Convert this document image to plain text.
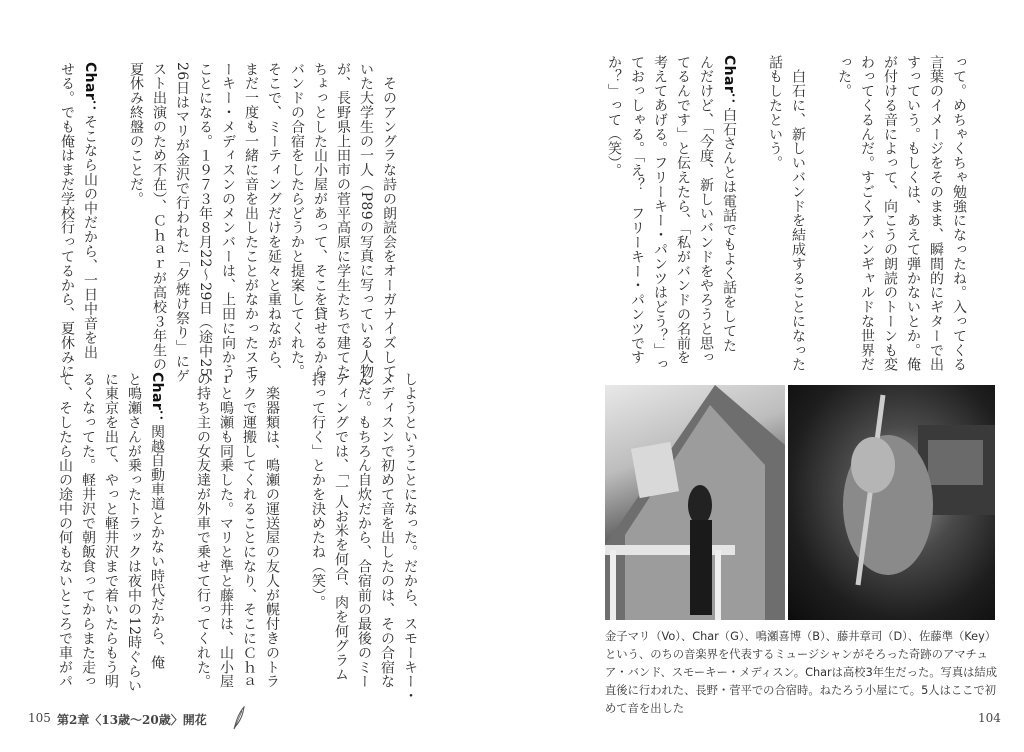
って。めちゃくちゃ勉強になったね。入ってくる
言葉のイメージをそのまま、瞬間的にギターで出
すっていう。もしくは、あえて弾かないとか。俺
が付ける音によって、向こうの朗読のトーンも変
わってくるんだ。すごくアバンギャルドな世界だ
った。

　白石に、新しいバンドを結成することになった
話もしたという。

Char：白石さんとは電話でもよく話をしてた
んだけど、「今度、新しいバンドをやろうと思っ
てるんです」と伝えたら、「私がバンドの名前を
考えてあげる。フリーキー・パンツはどう？」っ
ておっしゃる。「え？　フリーキー・パンツです
か？」って（笑）。
　そのアングラな詩の朗読会をオーガナイズして
いた大学生の一人（P89の写真に写っている人物）
が、長野県上田市の菅平高原に学生たちで建てた
ちょっとした山小屋があって、そこを貸せるから
バンドの合宿をしたらどうかと提案してくれた。
そこで、ミーティングだけを延々と重ねながら、
まだ一度も一緒に音を出したことがなかったスモ
ーキー・メディスンのメンバーは、上田に向かう
ことになる。１９７３年８月22～29日（途中25、
26日はマリが金沢で行われた「夕焼け祭り」にゲ
スト出演のため不在）、Ｃｈａｒが高校３年生の
夏休み終盤のことだ。

Char：そこなら山の中だから、一日中音を出
せる。でも俺はまだ学校行ってるから、夏休みに
しようということになった。だから、スモーキー・
メディスンで初めて音を出したのは、その合宿な
んだ。もちろん自炊だから、合宿前の最後のミー
ティングでは、「一人お米を何合、肉を何グラム
持って行く」とかを決めたね（笑）。

　楽器類は、鳴瀬の運送屋の友人が幌付きのトラ
ックで運搬してくれることになり、そこにＣｈａ
ｒと鳴瀬も同乗した。マリと準と藤井は、山小屋
の持ち主の女友達が外車で乗せて行ってくれた。

Char：関越自動車道とかない時代だから、俺
と鳴瀬さんが乗ったトラックは夜中の12時ぐらい
に東京を出て、やっと軽井沢まで着いたらもう明
るくなってた。軽井沢で朝飯食ってからまた走っ
て、そしたら山の途中の何もないところで車がパ	金子マリ（Vo）、Char（G）、鳴瀬喜博（B）、藤井章司（D）、佐藤準（Key）という、のちの音楽界を代表するミュージシャンがそろった奇跡のアマチュア・バンド、スモーキー・メディスン。Charは高校3年生だった。写真は結成直後に行われた、長野・菅平での合宿時。ねたろう小屋にて。5人はここで初めて音を出した
104
105 第2章〈13歳～20歳〉開花
